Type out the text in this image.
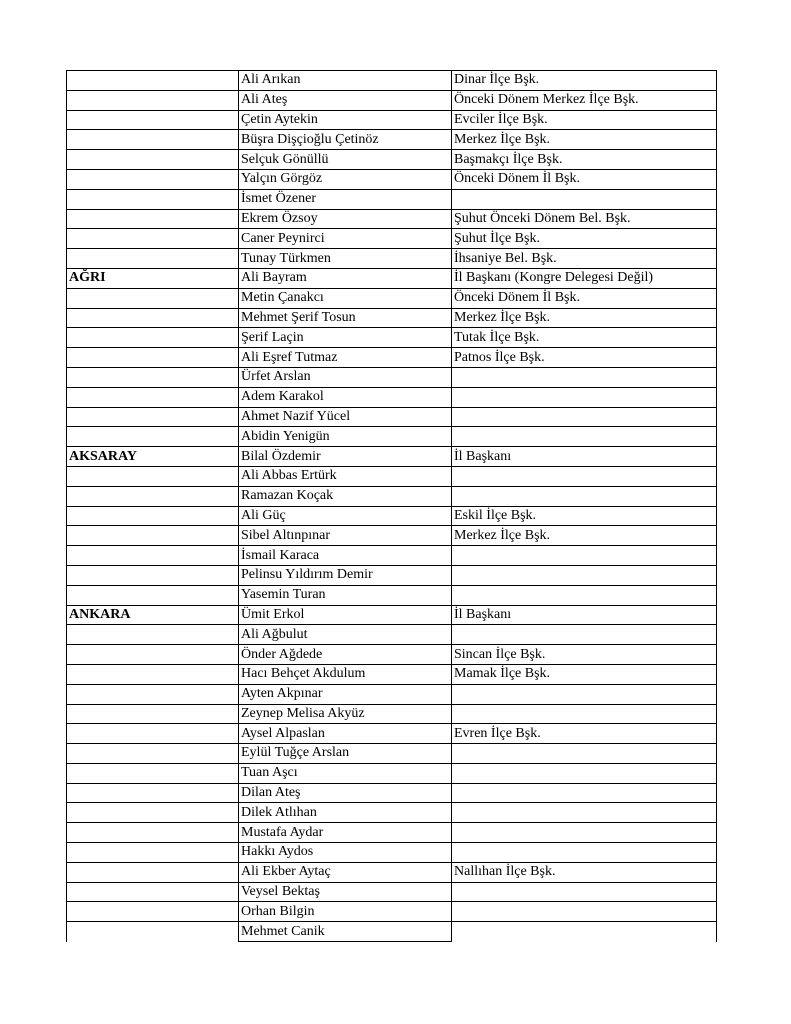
	Ali Arıkan	Dinar İlçe Bşk.
	Ali Ateş	Önceki Dönem Merkez İlçe Bşk.
	Çetin Aytekin	Evciler İlçe Bşk.
	Büşra Dişçioğlu Çetinöz	Merkez İlçe Bşk.
	Selçuk Gönüllü	Başmakçı İlçe Bşk.
	Yalçın Görgöz	Önceki Dönem İl Bşk.
	İsmet Özener	
	Ekrem Özsoy	Şuhut Önceki Dönem Bel. Bşk.
	Caner Peynirci	Şuhut İlçe Bşk.
	Tunay Türkmen	İhsaniye Bel. Bşk.
AĞRI	Ali Bayram	İl Başkanı (Kongre Delegesi Değil)
	Metin Çanakcı	Önceki Dönem İl Bşk.
	Mehmet Şerif Tosun	Merkez İlçe Bşk.
	Şerif Laçin	Tutak İlçe Bşk.
	Ali Eşref Tutmaz	Patnos İlçe Bşk.
	Ürfet Arslan	
	Adem Karakol	
	Ahmet Nazif Yücel	
	Abidin Yenigün	
AKSARAY	Bilal Özdemir	İl Başkanı
	Ali Abbas Ertürk	
	Ramazan Koçak	
	Ali Güç	Eskil İlçe Bşk.
	Sibel Altınpınar	Merkez İlçe Bşk.
	İsmail Karaca	
	Pelinsu Yıldırım Demir	
	Yasemin Turan	
ANKARA	Ümit Erkol	İl Başkanı
	Ali Ağbulut	
	Önder Ağdede	Sincan İlçe Bşk.
	Hacı Behçet Akdulum	Mamak İlçe Bşk.
	Ayten Akpınar	
	Zeynep Melisa Akyüz	
	Aysel Alpaslan	Evren İlçe Bşk.
	Eylül Tuğçe Arslan	
	Tuan Aşcı	
	Dilan Ateş	
	Dilek Atlıhan	
	Mustafa Aydar	
	Hakkı Aydos	
	Ali Ekber Aytaç	Nallıhan İlçe Bşk.
	Veysel Bektaş	
	Orhan Bilgin	
	Mehmet Canik	
